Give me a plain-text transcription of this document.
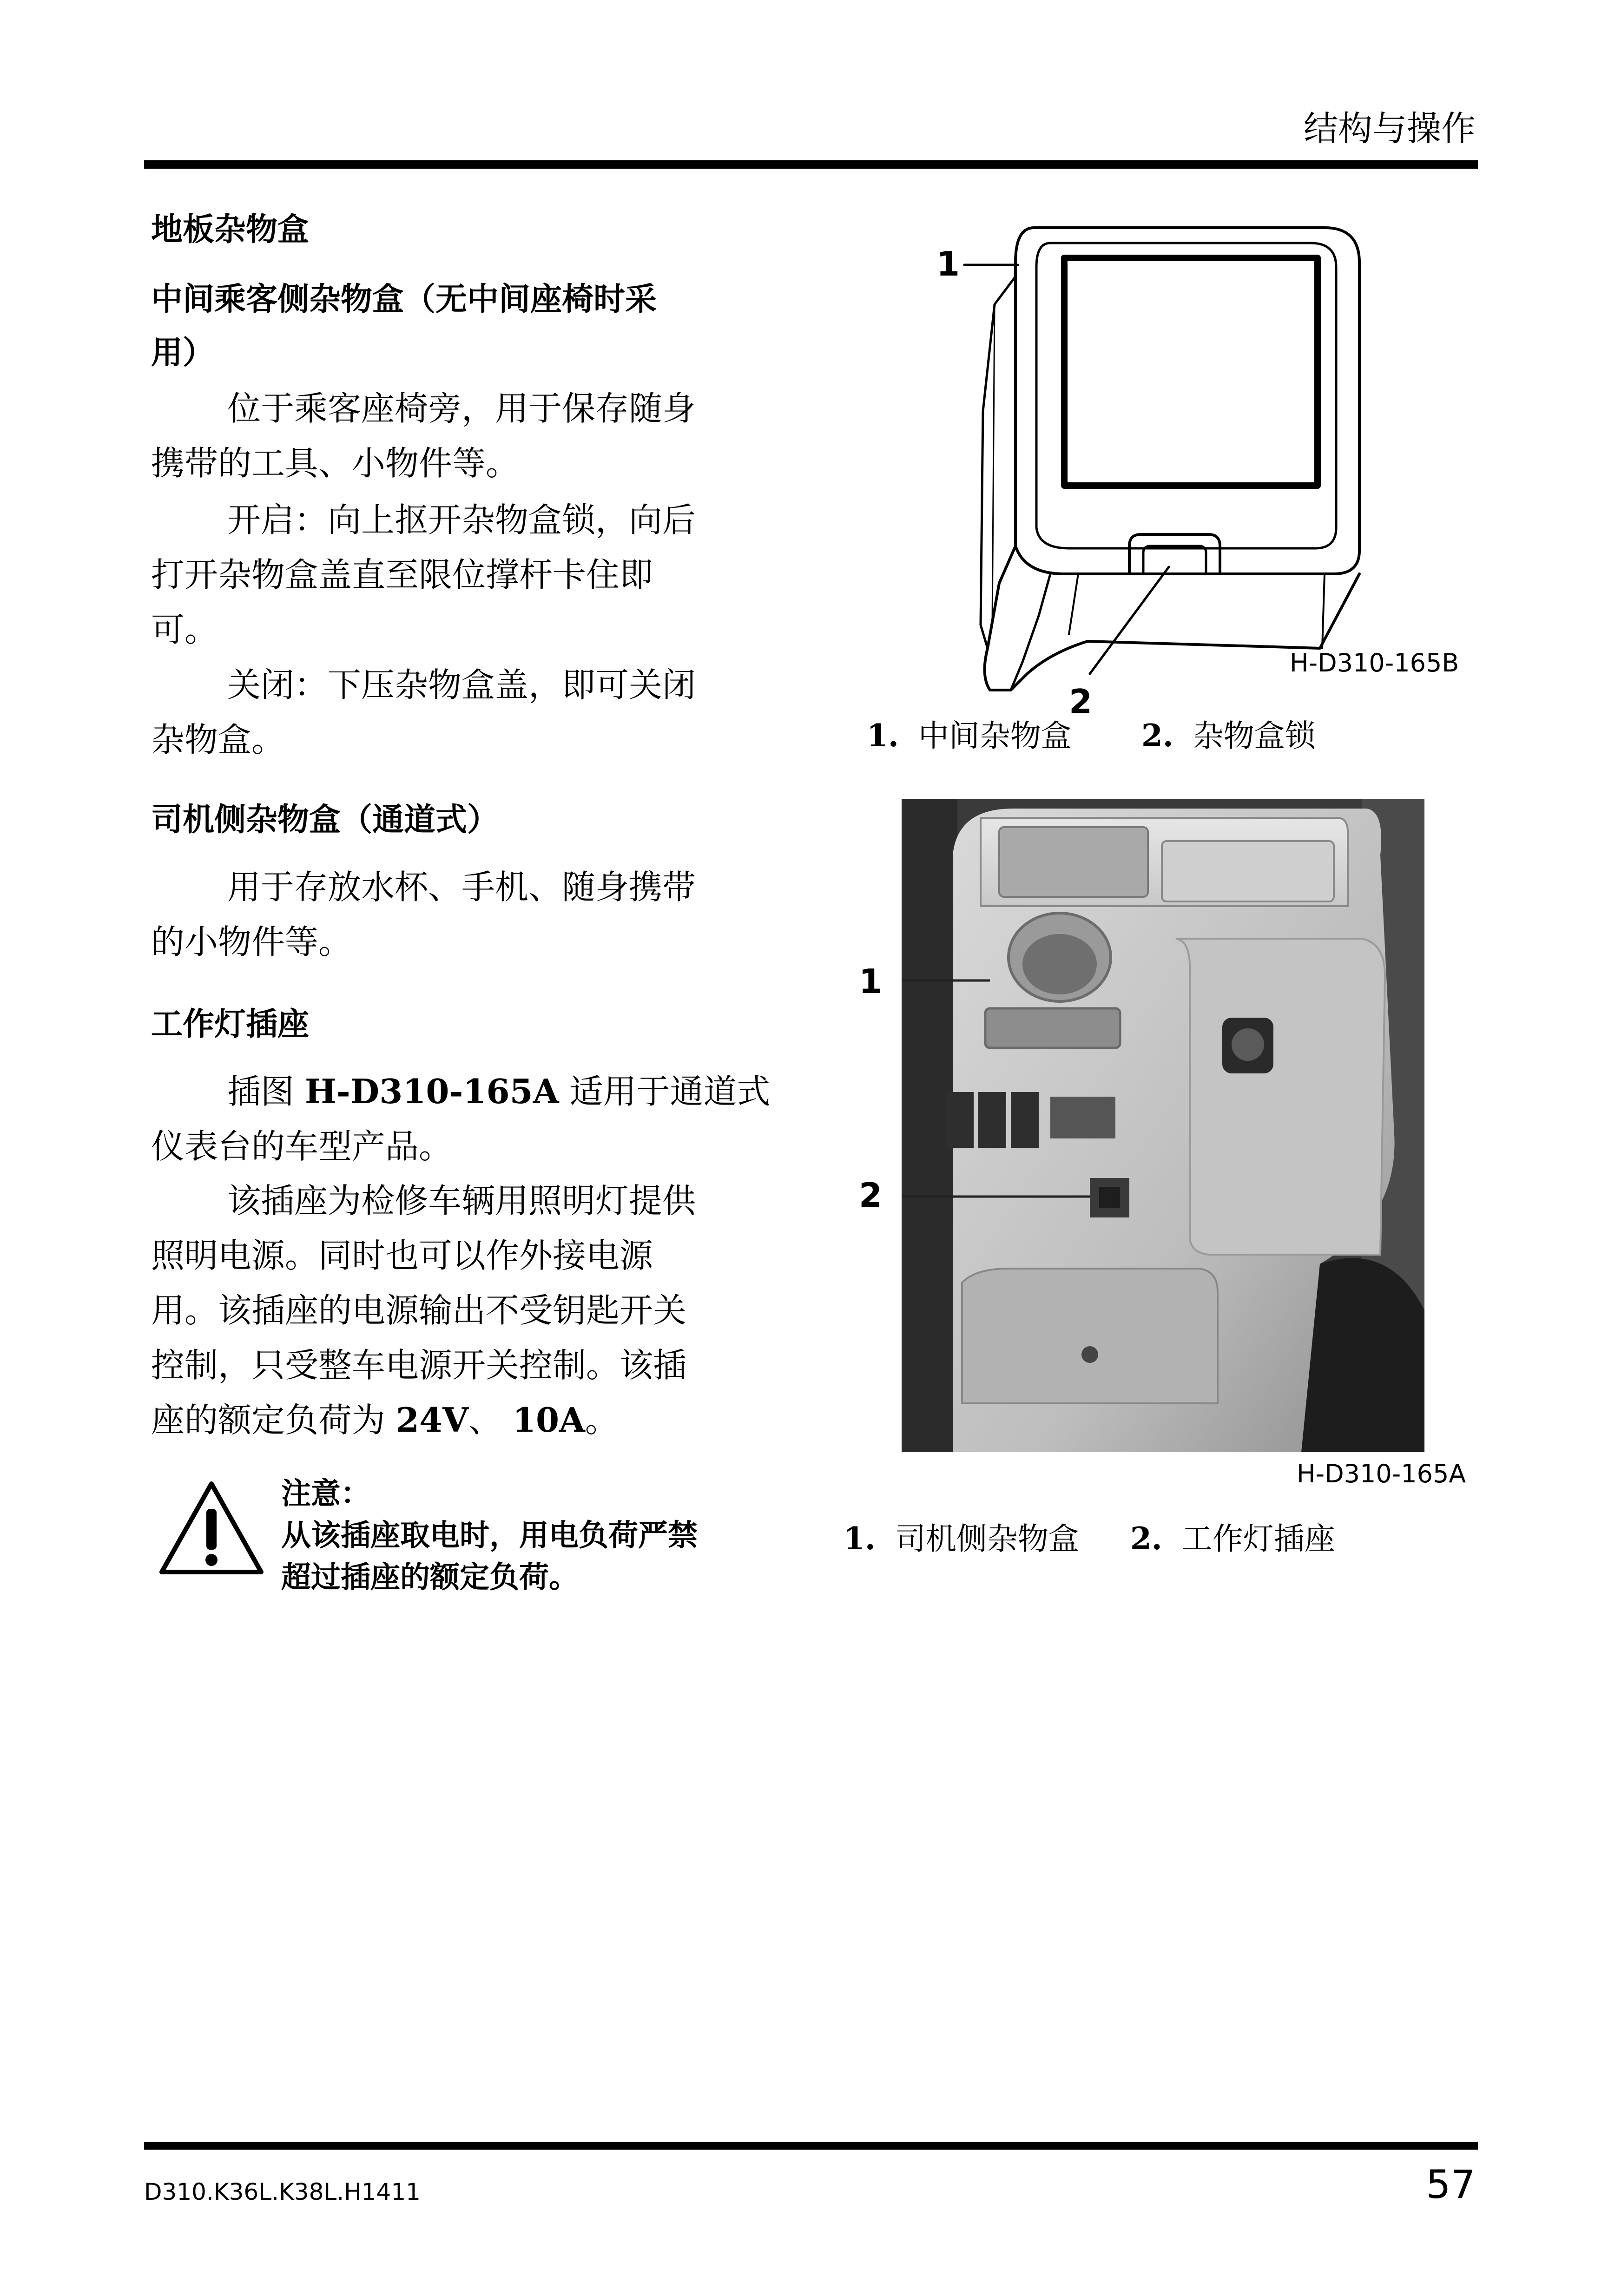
结构与操作
地板杂物盒
中间乘客侧杂物盒（无中间座椅时采
用）
位于乘客座椅旁，用于保存随身
携带的工具、小物件等。
开启：向上抠开杂物盒锁，向后
打开杂物盒盖直至限位撑杆卡住即
可。
关闭：下压杂物盒盖，即可关闭
杂物盒。
司机侧杂物盒（通道式）
用于存放水杯、手机、随身携带
的小物件等。
工作灯插座
插图 H-D310-165A 适用于通道式
仪表台的车型产品。
该插座为检修车辆用照明灯提供
照明电源。同时也可以作外接电源
用。该插座的电源输出不受钥匙开关
控制，只受整车电源开关控制。该插
座的额定负荷为 24V、 10A。
注意：
从该插座取电时，用电负荷严禁
超过插座的额定负荷。
1
2
H-D310-165B
1. 中间杂物盒 2. 杂物盒锁
1
2
H-D310-165A
1. 司机侧杂物盒 2. 工作灯插座
D310.K36L.K38L.H1411	57
